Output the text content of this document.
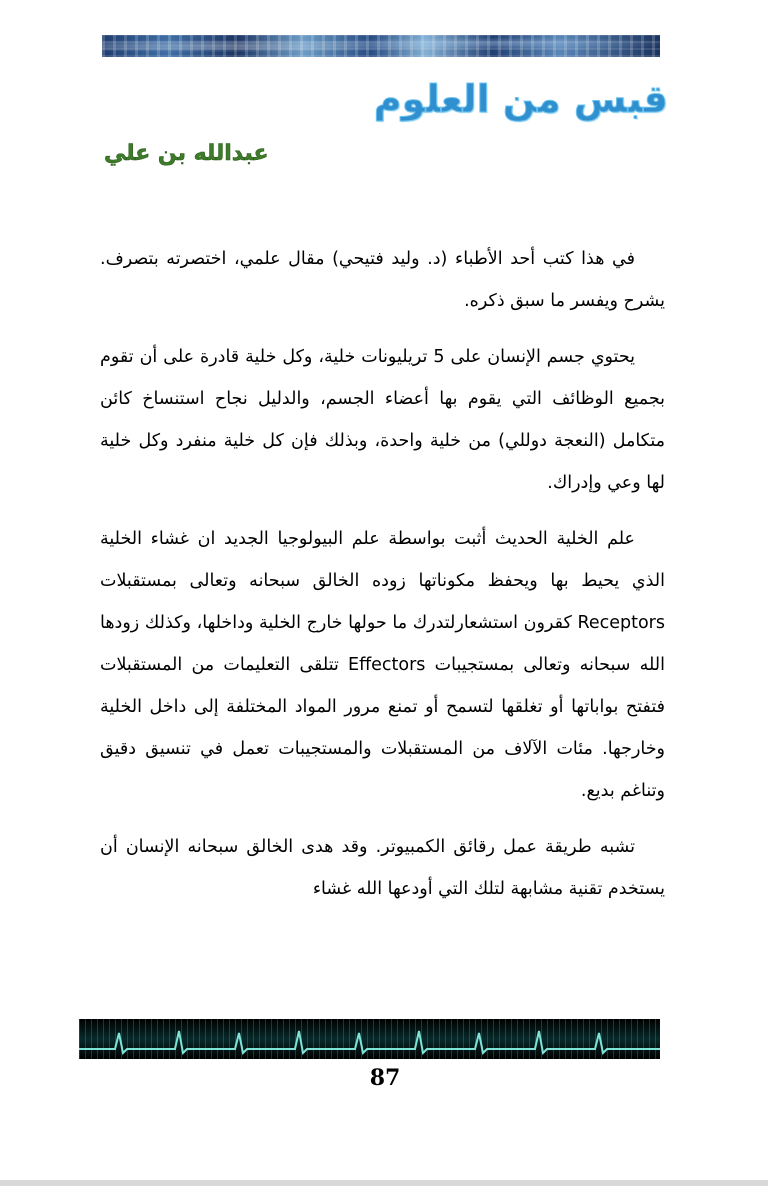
قبس من العلوم
عبدالله بن علي

في هذا كتب أحد الأطباء (د. وليد فتيحي) مقال علمي، اختصرته بتصرف. يشرح ويفسر ما سبق ذكره.

يحتوي جسم الإنسان على 5 تريليونات خلية، وكل خلية قادرة على أن تقوم بجميع الوظائف التي يقوم بها أعضاء الجسم، والدليل نجاح استنساخ كائن متكامل (النعجة دوللي) من خلية واحدة، وبذلك فإن كل خلية منفرد وكل خلية لها وعي وإدراك.

علم الخلية الحديث أثبت بواسطة علم البيولوجيا الجديد ان غشاء الخلية الذي يحيط بها ويحفظ مكوناتها زوده الخالق سبحانه وتعالى بمستقبلات Receptors كقرون استشعارلتدرك ما حولها خارج الخلية وداخلها، وكذلك زودها الله سبحانه وتعالى بمستجيبات Effectors تتلقى التعليمات من المستقبلات فتفتح بواباتها أو تغلقها لتسمح أو تمنع مرور المواد المختلفة إلى داخل الخلية وخارجها. مئات الآلاف من المستقبلات والمستجيبات تعمل في تنسيق دقيق وتناغم بديع.

تشبه طريقة عمل رقائق الكمبيوتر. وقد هدى الخالق سبحانه الإنسان أن يستخدم تقنية مشابهة لتلك التي أودعها الله غشاء

87
